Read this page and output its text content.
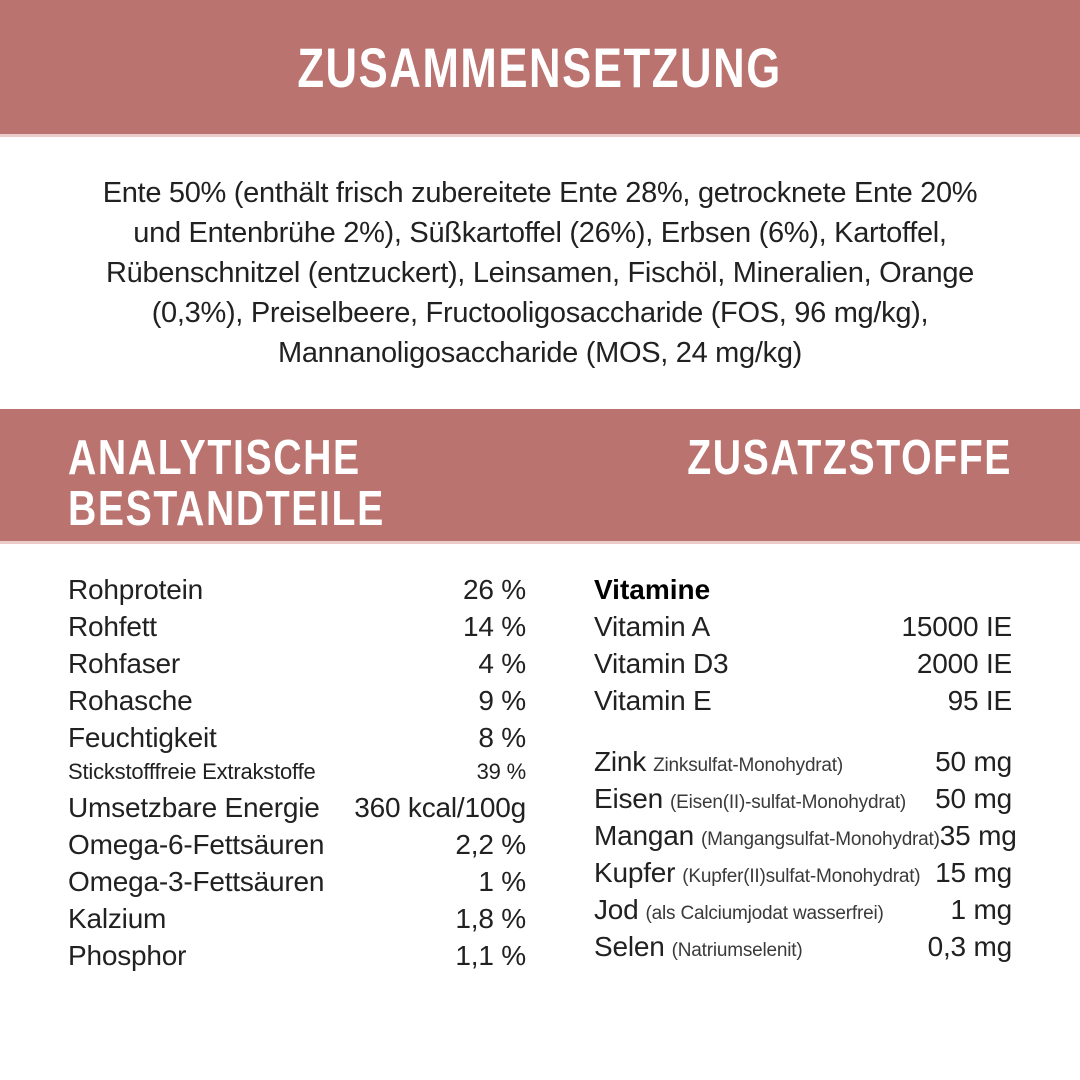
ZUSAMMENSETZUNG

Ente 50% (enthält frisch zubereitete Ente 28%, getrocknete Ente 20%
und Entenbrühe 2%), Süßkartoffel (26%), Erbsen (6%), Kartoffel,
Rübenschnitzel (entzuckert), Leinsamen, Fischöl, Mineralien, Orange
(0,3%), Preiselbeere, Fructooligosaccharide (FOS, 96 mg/kg),
Mannanoligosaccharide (MOS, 24 mg/kg)

ANALYTISCHE
BESTANDTEILE
ZUSATZSTOFFE
Rohprotein	26 %
Rohfett	14 %
Rohfaser	4 %
Rohasche	9 %
Feuchtigkeit	8 %
Stickstofffreie Extrakstoffe	39 %
Umsetzbare Energie 360 kcal/100g
Omega-6-Fettsäuren	2,2 %
Omega-3-Fettsäuren	1 %
Kalzium	1,8 %
Phosphor	1,1 %
Vitamine
Vitamin A	15000 IE
Vitamin D3	2000 IE
Vitamin E	95 IE
Zink Zinksulfat-Monohydrat)	50 mg
Eisen (Eisen(II)-sulfat-Monohydrat) 50 mg
Mangan (Mangangsulfat-Monohydrat) 35 mg
Kupfer (Kupfer(II)sulfat-Monohydrat) 15 mg
Jod (als Calciumjodat wasserfrei) 1 mg
Selen (Natriumselenit)	0,3 mg
